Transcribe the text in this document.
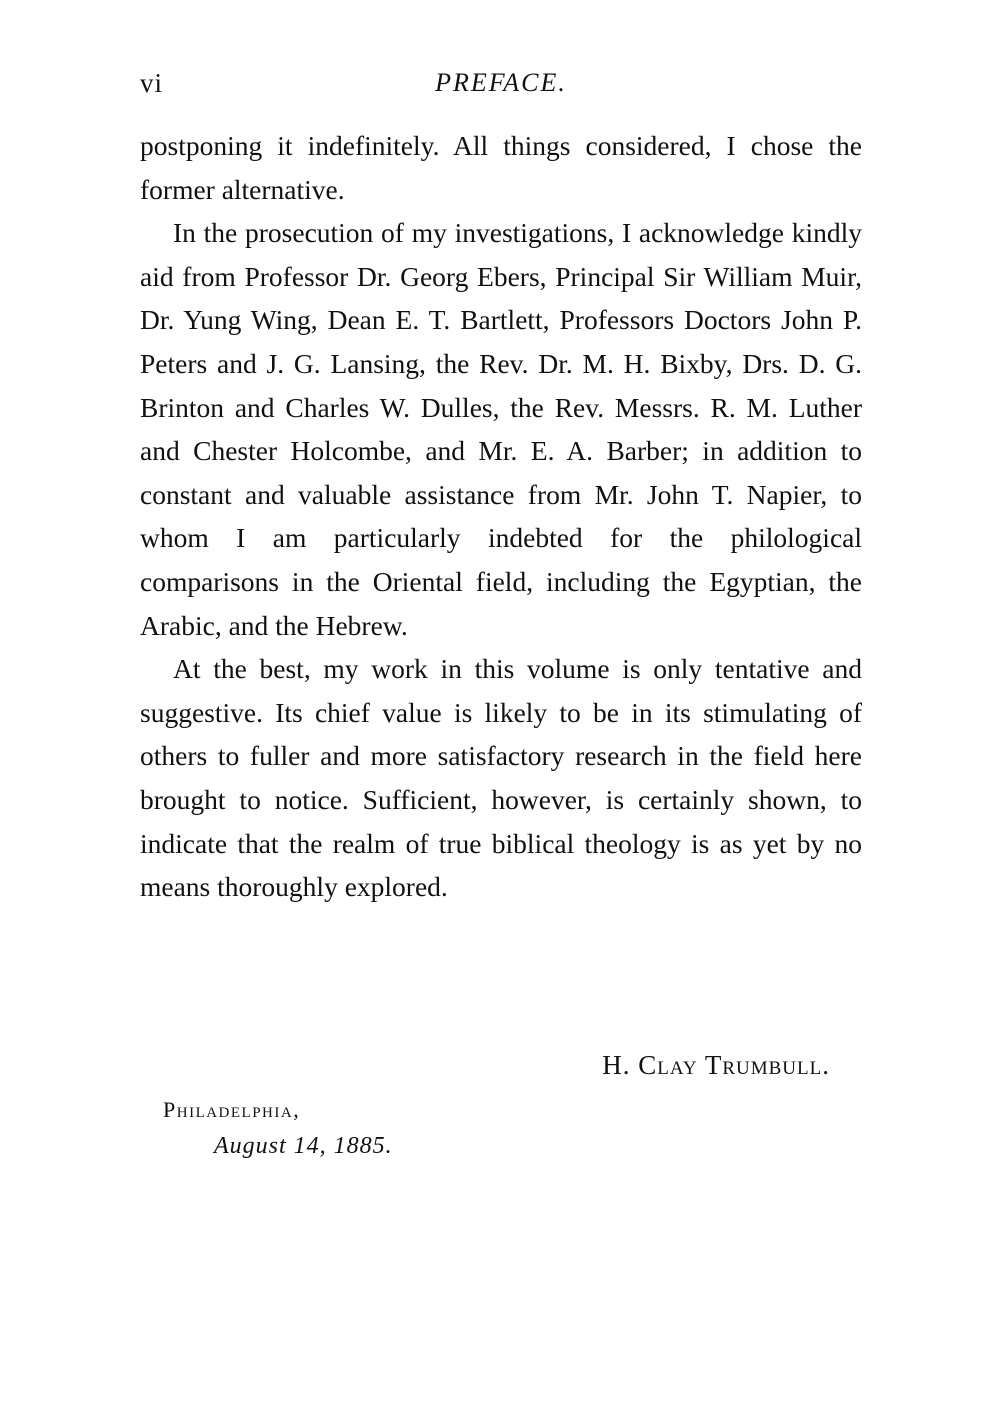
vi	PREFACE.

postponing it indefinitely. All things considered, I chose the former alternative.

In the prosecution of my investigations, I acknowledge kindly aid from Professor Dr. Georg Ebers, Principal Sir William Muir, Dr. Yung Wing, Dean E. T. Bartlett, Professors Doctors John P. Peters and J. G. Lansing, the Rev. Dr. M. H. Bixby, Drs. D. G. Brinton and Charles W. Dulles, the Rev. Messrs. R. M. Luther and Chester Holcombe, and Mr. E. A. Barber; in addition to constant and valuable assistance from Mr. John T. Napier, to whom I am particularly indebted for the philological comparisons in the Oriental field, including the Egyptian, the Arabic, and the Hebrew.

At the best, my work in this volume is only tentative and suggestive. Its chief value is likely to be in its stimulating of others to fuller and more satisfactory research in the field here brought to notice. Sufficient, however, is certainly shown, to indicate that the realm of true biblical theology is as yet by no means thoroughly explored.

H. Clay Trumbull.
Philadelphia,
August 14, 1885.
